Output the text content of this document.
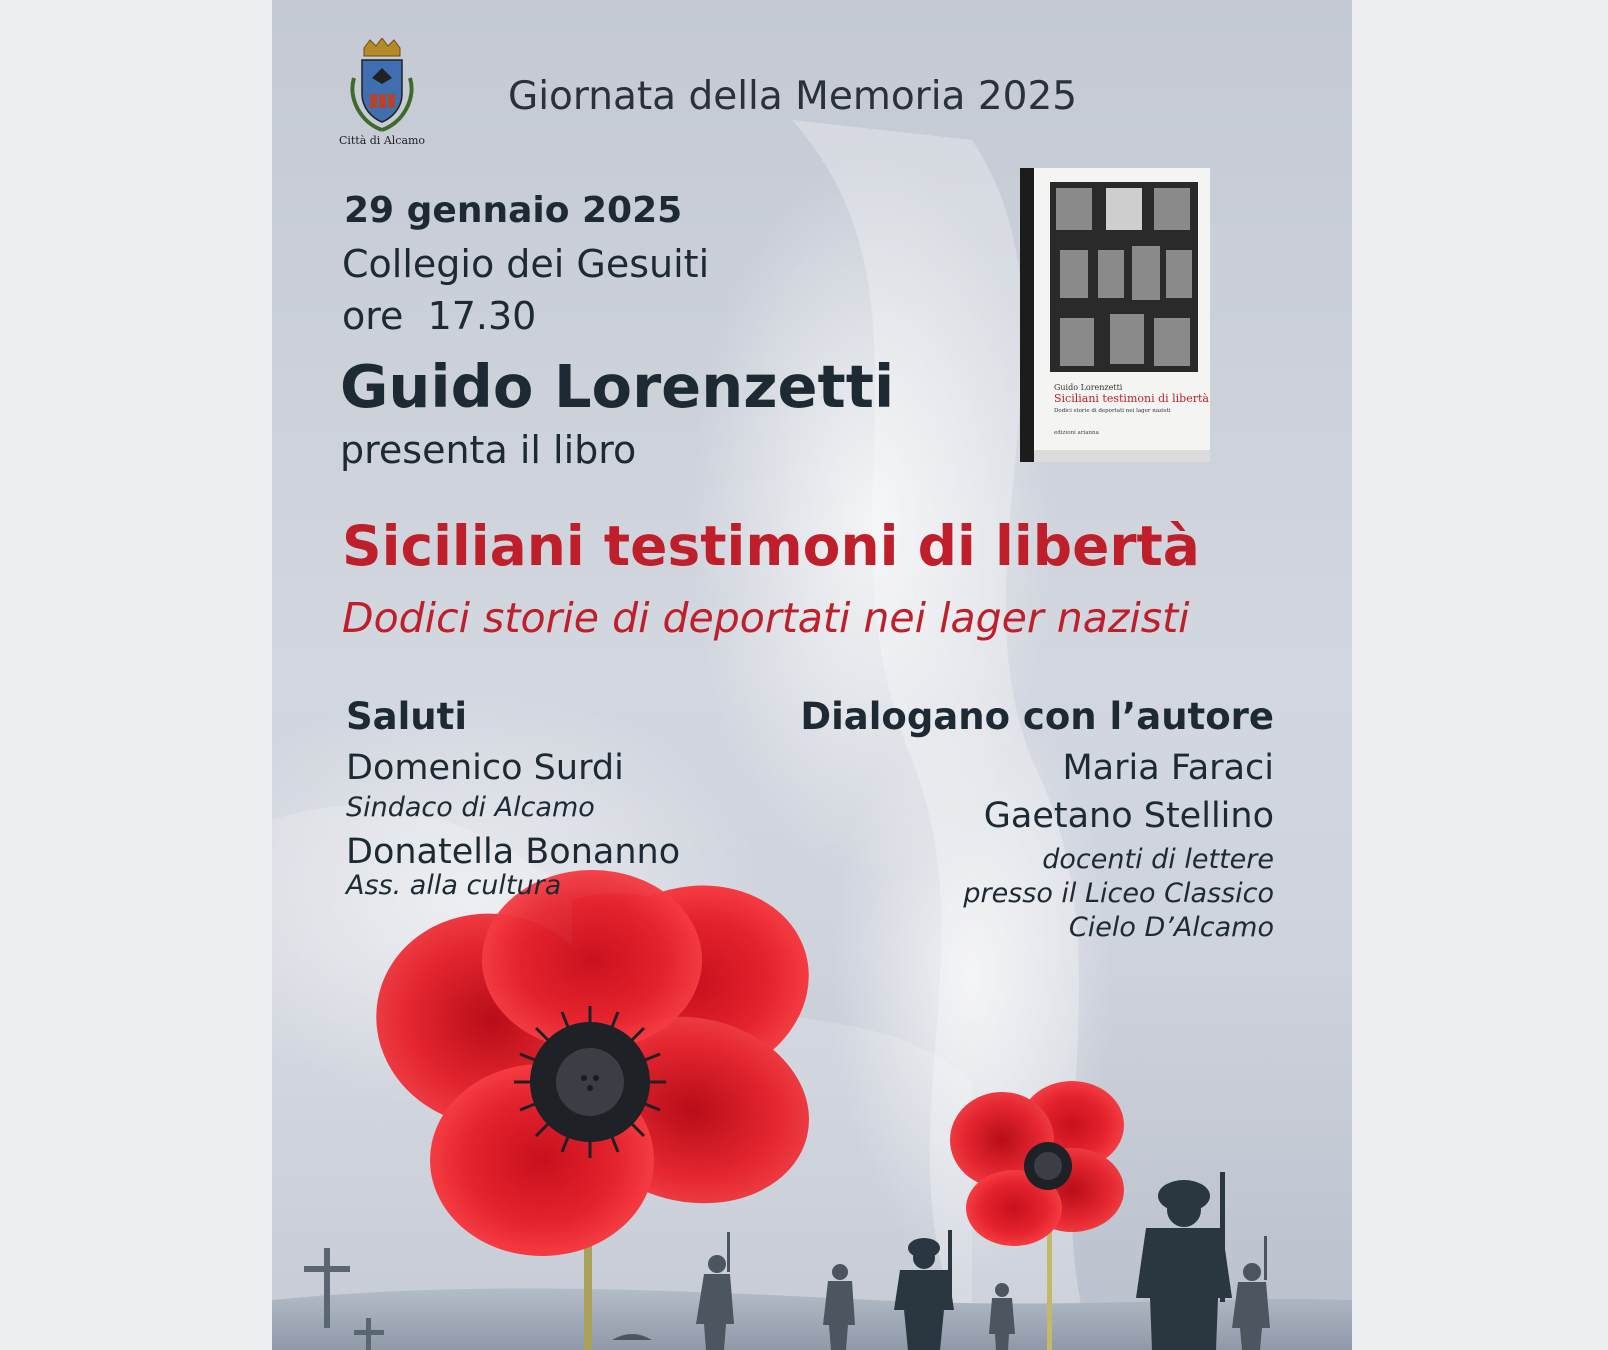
Città di Alcamo

Giornata della Memoria 2025

29 gennaio 2025

Collegio dei Gesuiti

ore  17.30

Guido Lorenzetti

presenta il libro

Guido Lorenzetti
Siciliani testimoni di libertà
Dodici storie di deportati nei lager nazisti
edizioni arianna

Siciliani testimoni di libertà

Dodici storie di deportati nei lager nazisti

Saluti

Domenico Surdi

Sindaco di Alcamo

Donatella Bonanno

Ass. alla cultura

Dialogano con l’autore

Maria Faraci

Gaetano Stellino

docenti di lettere

presso il Liceo Classico

Cielo D’Alcamo
